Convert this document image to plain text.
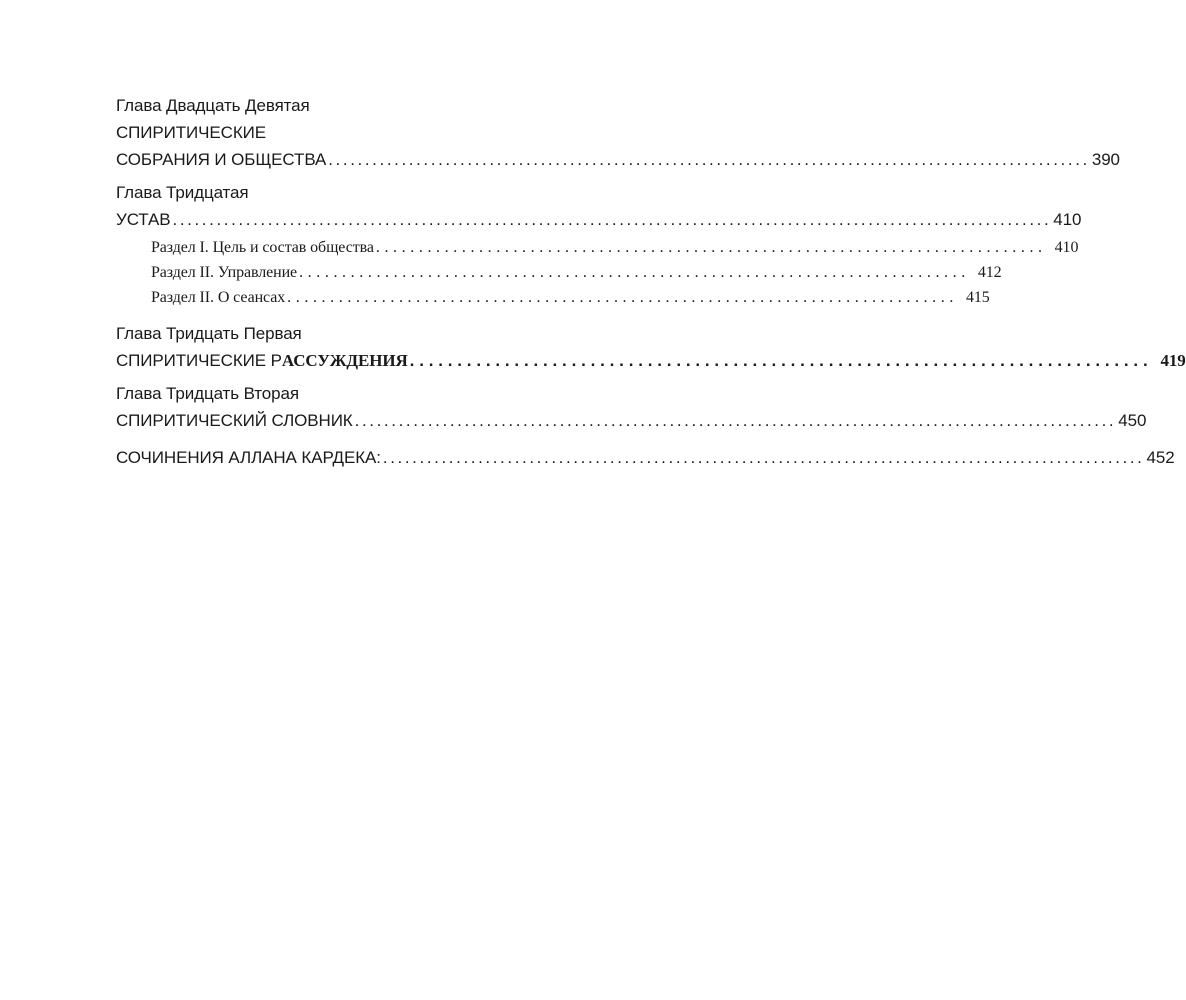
Глава Двадцать Девятая

СПИРИТИЧЕСКИЕ

СОБРАНИЯ И ОБЩЕСТВА ........................................................................................................ 390

Глава Тридцатая

УСТАВ ........................................................................................................................ 410
Раздел I. Цель и состав общества .............................................................................. 410
Раздел II. Управление .............................................................................. 412
Раздел II. О сеансах .............................................................................. 415

Глава Тридцать Первая

СПИРИТИЧЕСКИЕ РАССУЖДЕНИЯ .............................................................................. 419

Глава Тридцать Вторая

СПИРИТИЧЕСКИЙ СЛОВНИК ........................................................................................................ 450
СОЧИНЕНИЯ АЛЛАНА КАРДЕКА: ........................................................................................................ 452
